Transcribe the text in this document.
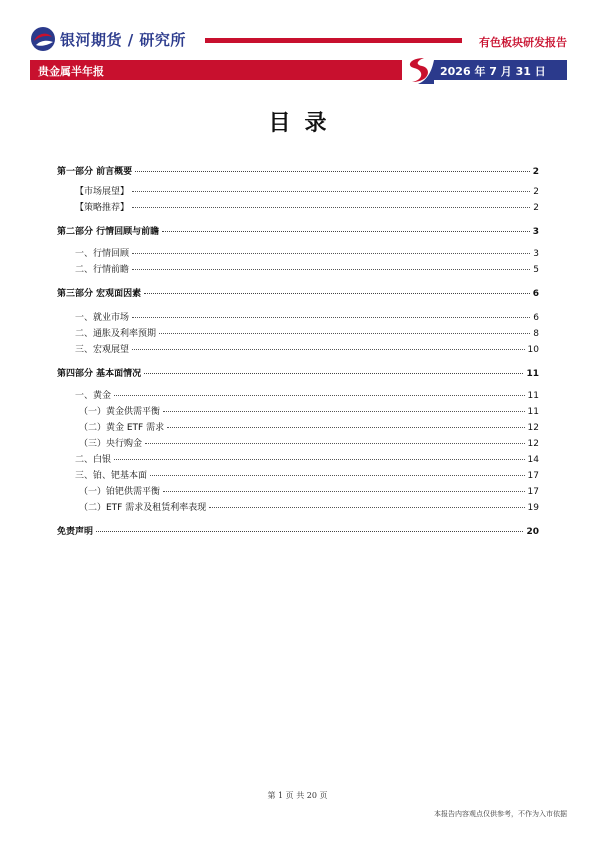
银河期货 / 研究所	有色板块研发报告
贵金属半年报	2026 年 7 月 31 日
目录
第一部分 前言概要	2
【市场展望】	2
【策略推荐】	2
第二部分 行情回顾与前瞻	3
一、行情回顾	3
二、行情前瞻	5
第三部分 宏观面因素	6
一、就业市场	6
二、通胀及利率预期	8
三、宏观展望	10
第四部分 基本面情况	11
一、黄金	11
（一）黄金供需平衡	11
（二）黄金 ETF 需求	12
（三）央行购金	12
二、白银	14
三、铂、钯基本面	17
（一）铂钯供需平衡	17
（二）ETF 需求及租赁利率表现	19
免责声明	20
第 1 页 共 20 页
本报告内容观点仅供参考，不作为入市依据
